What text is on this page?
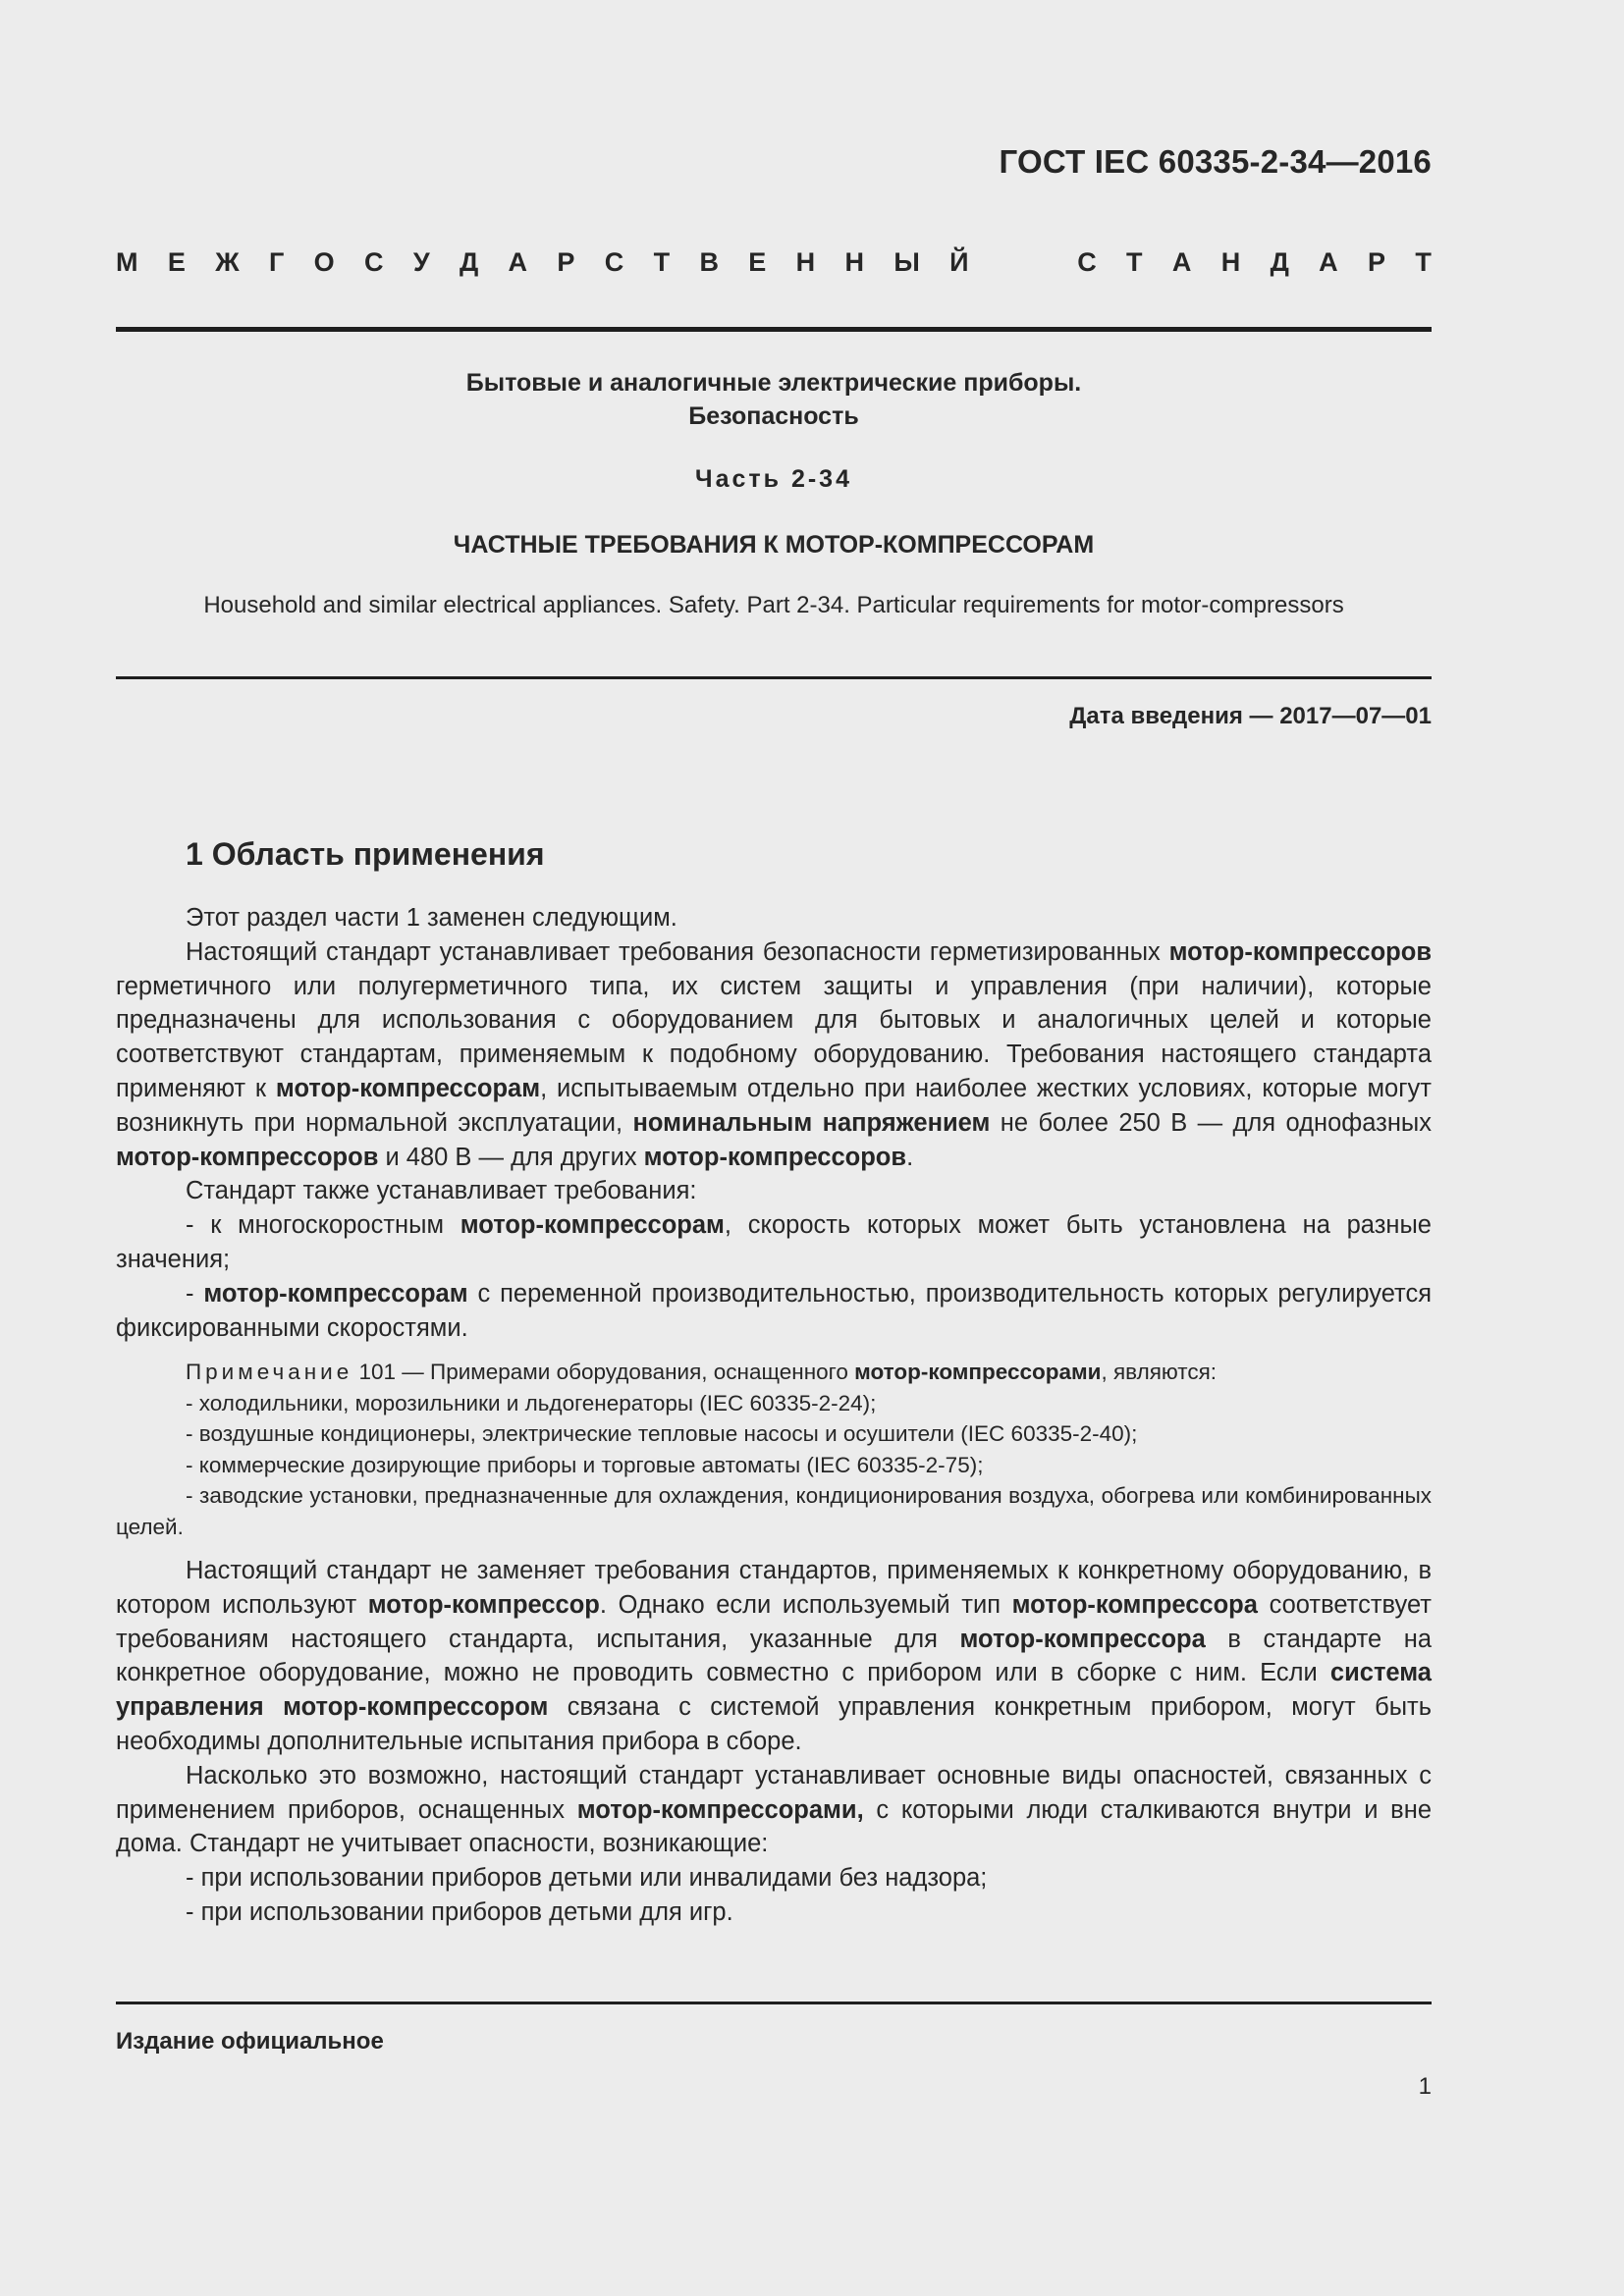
ГОСТ IEC 60335-2-34—2016
М Е Ж Г О С У Д А Р С Т В Е Н Н Ы Й	С Т А Н Д А Р Т
Бытовые и аналогичные электрические приборы.
Безопасность
Часть 2-34
ЧАСТНЫЕ ТРЕБОВАНИЯ К МОТОР-КОМПРЕССОРАМ
Household and similar electrical appliances. Safety. Part 2-34. Particular requirements for motor-compressors
Дата введения — 2017—07—01
1 Область применения

Этот раздел части 1 заменен следующим.

Настоящий стандарт устанавливает требования безопасности герметизированных мотор-компрессоров герметичного или полугерметичного типа, их систем защиты и управления (при наличии), которые предназначены для использования с оборудованием для бытовых и аналогичных целей и которые соответствуют стандартам, применяемым к подобному оборудованию. Требования настоящего стандарта применяют к мотор-компрессорам, испытываемым отдельно при наиболее жестких условиях, которые могут возникнуть при нормальной эксплуатации, номинальным напряжением не более 250 В — для однофазных мотор-компрессоров и 480 В — для других мотор-компрессоров.

Стандарт также устанавливает требования:

- к многоскоростным мотор-компрессорам, скорость которых может быть установлена на разные значения;

- мотор-компрессорам с переменной производительностью, производительность которых регулируется фиксированными скоростями.

Примечание 101 — Примерами оборудования, оснащенного мотор-компрессорами, являются:

- холодильники, морозильники и льдогенераторы (IEC 60335-2-24);

- воздушные кондиционеры, электрические тепловые насосы и осушители (IEC 60335-2-40);

- коммерческие дозирующие приборы и торговые автоматы (IEC 60335-2-75);

- заводские установки, предназначенные для охлаждения, кондиционирования воздуха, обогрева или комбинированных целей.

Настоящий стандарт не заменяет требования стандартов, применяемых к конкретному оборудованию, в котором используют мотор-компрессор. Однако если используемый тип мотор-компрессора соответствует требованиям настоящего стандарта, испытания, указанные для мотор-компрессора в стандарте на конкретное оборудование, можно не проводить совместно с прибором или в сборке с ним. Если система управления мотор-компрессором связана с системой управления конкретным прибором, могут быть необходимы дополнительные испытания прибора в сборе.

Насколько это возможно, настоящий стандарт устанавливает основные виды опасностей, связанных с применением приборов, оснащенных мотор-компрессорами, с которыми люди сталкиваются внутри и вне дома. Стандарт не учитывает опасности, возникающие:

- при использовании приборов детьми или инвалидами без надзора;

- при использовании приборов детьми для игр.

Издание официальное
1
